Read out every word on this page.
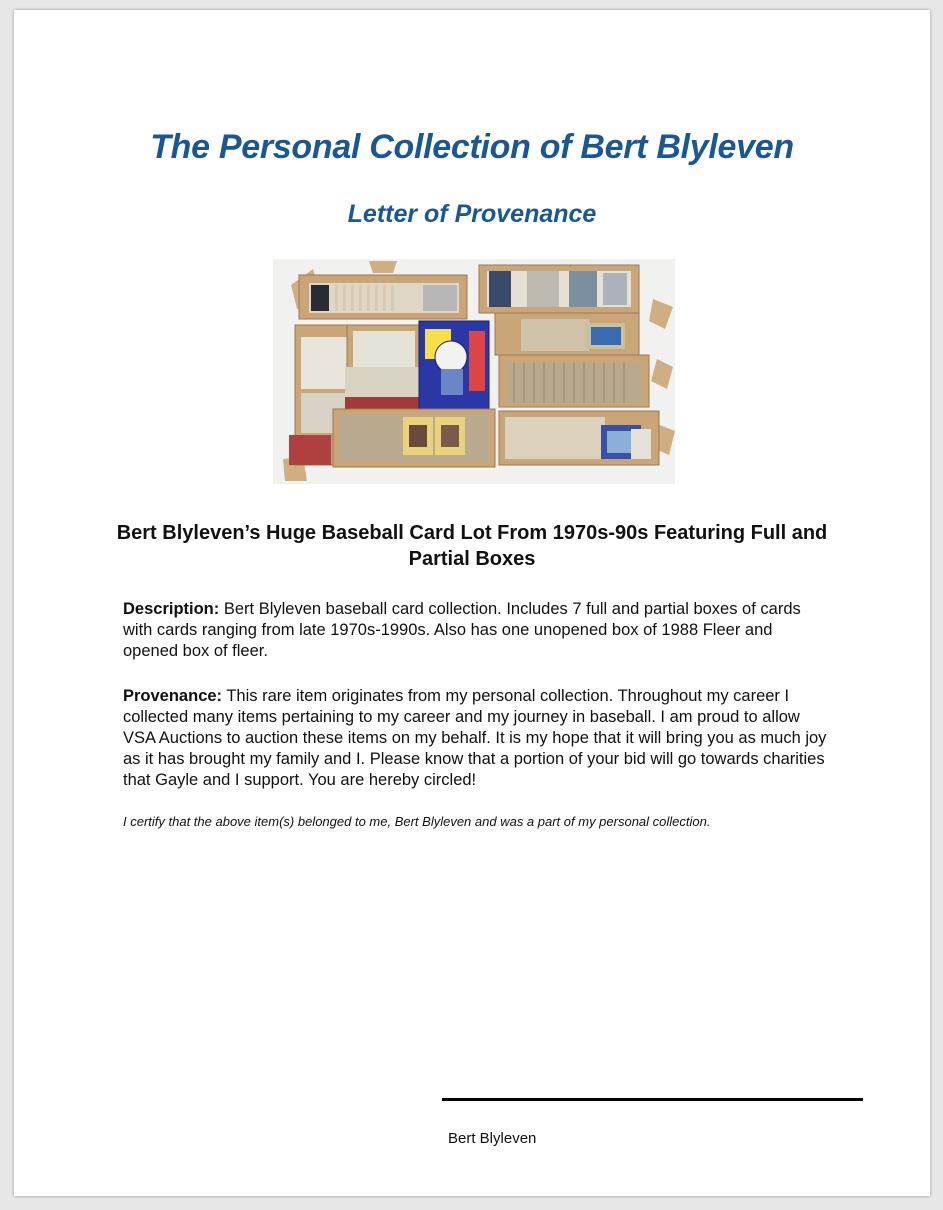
The Personal Collection of Bert Blyleven
Letter of Provenance
Bert Blyleven’s Huge Baseball Card Lot From 1970s-90s Featuring Full and Partial Boxes

Description: Bert Blyleven baseball card collection. Includes 7 full and partial boxes of cards with cards ranging from late 1970s-1990s. Also has one unopened box of 1988 Fleer and opened box of fleer.

Provenance: This rare item originates from my personal collection. Throughout my career I collected many items pertaining to my career and my journey in baseball. I am proud to allow VSA Auctions to auction these items on my behalf. It is my hope that it will bring you as much joy as it has brought my family and I. Please know that a portion of your bid will go towards charities that Gayle and I support. You are hereby circled!

I certify that the above item(s) belonged to me, Bert Blyleven and was a part of my personal collection.

Bert Blyleven
